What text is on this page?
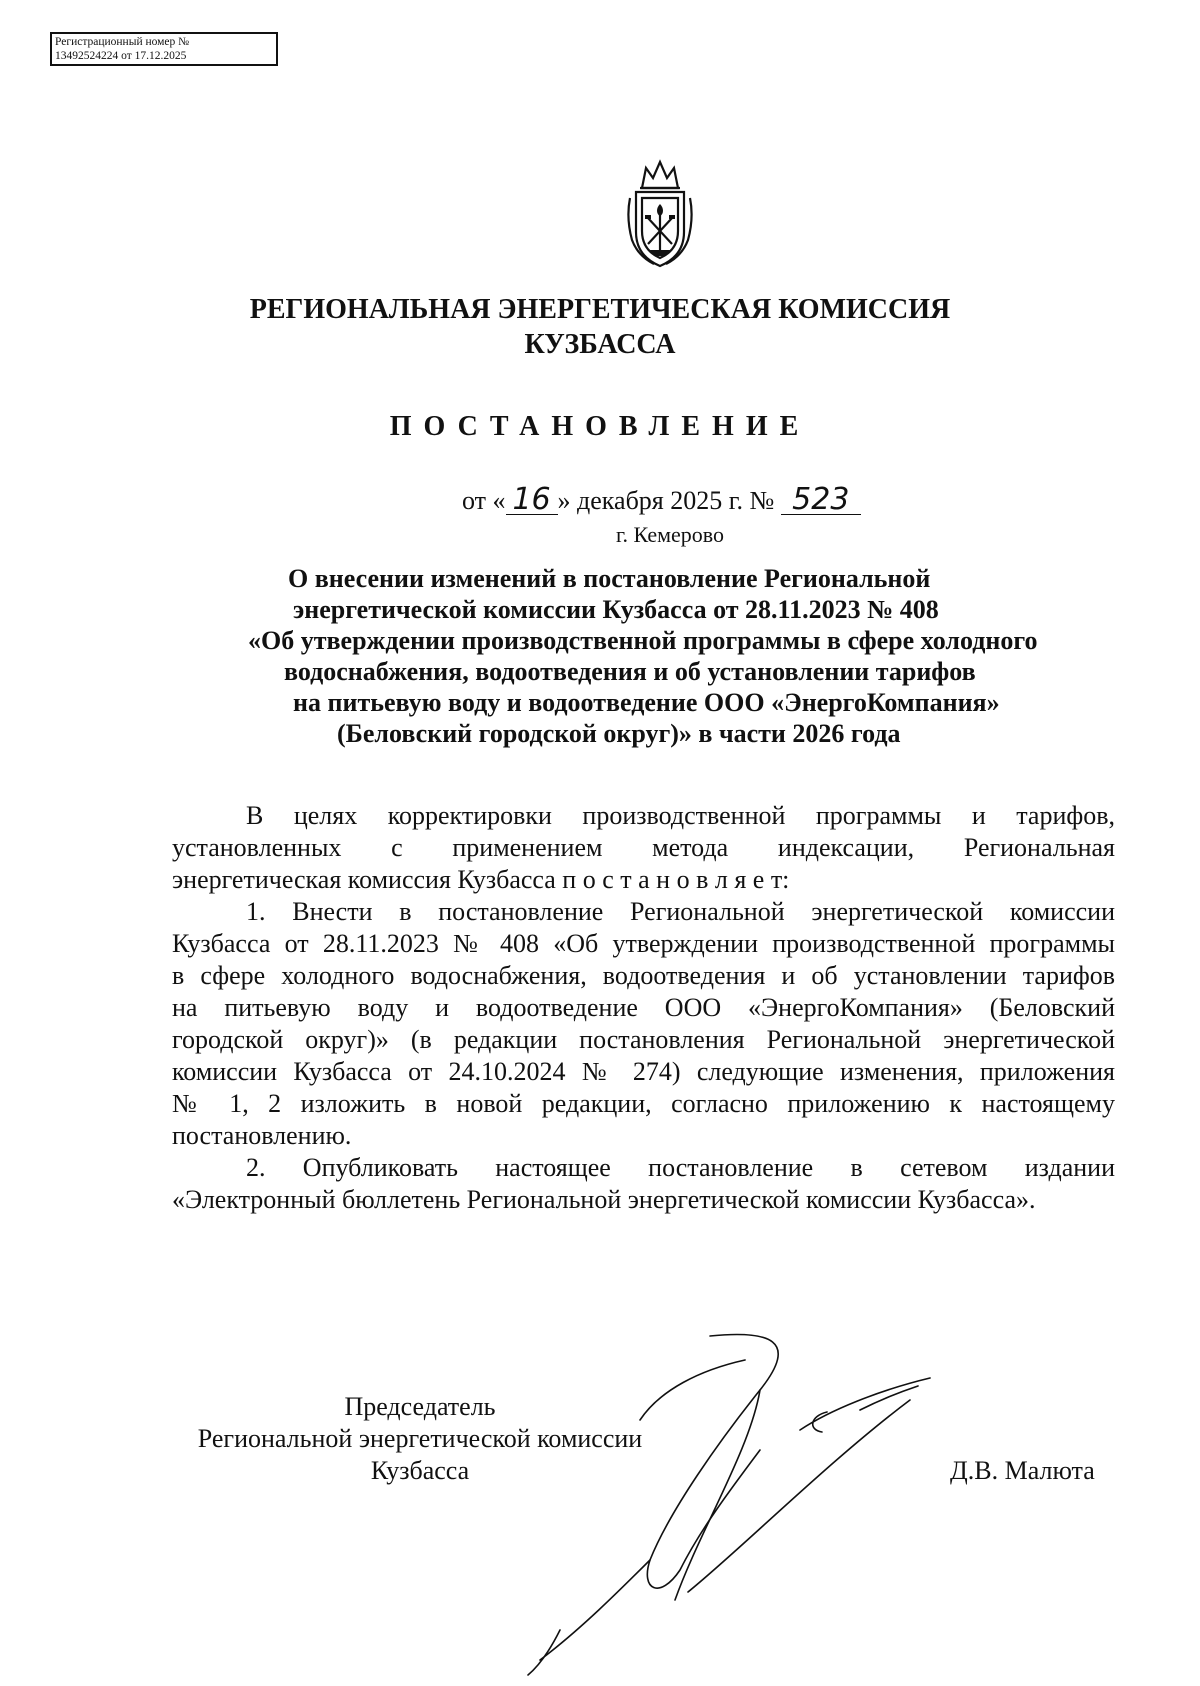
Регистрационный номер №
13492524224 от 17.12.2025
РЕГИОНАЛЬНАЯ ЭНЕРГЕТИЧЕСКАЯ КОМИССИЯ
КУЗБАССА
ПОСТАНОВЛЕНИЕ
от « 16 » декабря 2025 г. № 523
г. Кемерово
О внесении изменений в постановление Региональной
энергетической комиссии Кузбасса от 28.11.2023 № 408
«Об утверждении производственной программы в сфере холодного
водоснабжения, водоотведения и об установлении тарифов
на питьевую воду и водоотведение ООО «ЭнергоКомпания»
(Беловский городской округ)» в части 2026 года
В целях корректировки производственной программы и тарифов,
установленных с применением метода индексации, Региональная
энергетическая комиссия Кузбасса п о с т а н о в л я е т:
1. Внести в постановление Региональной энергетической комиссии
Кузбасса от 28.11.2023 № 408 «Об утверждении производственной программы
в сфере холодного водоснабжения, водоотведения и об установлении тарифов
на питьевую воду и водоотведение ООО «ЭнергоКомпания» (Беловский
городской округ)» (в редакции постановления Региональной энергетической
комиссии Кузбасса от 24.10.2024 № 274) следующие изменения, приложения
№ 1, 2 изложить в новой редакции, согласно приложению к настоящему
постановлению.
2. Опубликовать настоящее постановление в сетевом издании
«Электронный бюллетень Региональной энергетической комиссии Кузбасса».
Председатель
Региональной энергетической комиссии
Кузбасса	Д.В. Малюта
